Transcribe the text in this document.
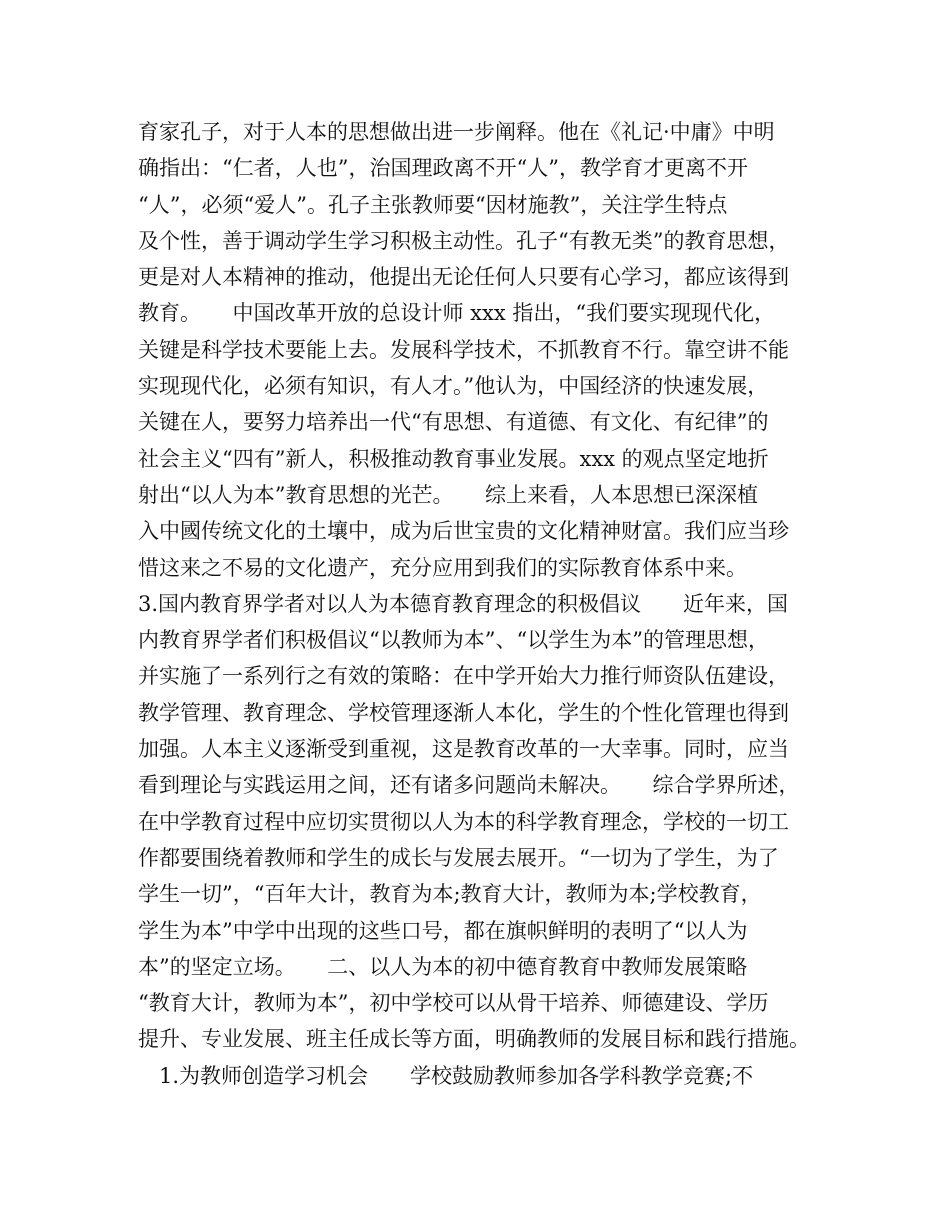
育家孔子，对于人本的思想做出进一步阐释。他在《礼记·中庸》中明
确指出：“仁者，人也”，治国理政离不开“人”，教学育才更离不开
“人”，必须“爱人”。孔子主张教师要“因材施教”，关注学生特点
及个性，善于调动学生学习积极主动性。孔子“有教无类”的教育思想，
更是对人本精神的推动，他提出无论任何人只要有心学习，都应该得到
教育。　　中国改革开放的总设计师 xxx 指出，“我们要实现现代化，
关键是科学技术要能上去。发展科学技术，不抓教育不行。靠空讲不能
实现现代化，必须有知识，有人才。”他认为，中国经济的快速发展，
关键在人，要努力培养出一代“有思想、有道德、有文化、有纪律”的
社会主义“四有”新人，积极推动教育事业发展。xxx 的观点坚定地折
射出“以人为本”教育思想的光芒。　　综上来看，人本思想已深深植
入中國传统文化的土壤中，成为后世宝贵的文化精神财富。我们应当珍
惜这来之不易的文化遗产，充分应用到我们的实际教育体系中来。
3.国内教育界学者对以人为本德育教育理念的积极倡议　　近年来，国
内教育界学者们积极倡议“以教师为本”、“以学生为本”的管理思想，
并实施了一系列行之有效的策略：在中学开始大力推行师资队伍建设，
教学管理、教育理念、学校管理逐渐人本化，学生的个性化管理也得到
加强。人本主义逐渐受到重视，这是教育改革的一大幸事。同时，应当
看到理论与实践运用之间，还有诸多问题尚未解决。　　综合学界所述，
在中学教育过程中应切实贯彻以人为本的科学教育理念，学校的一切工
作都要围绕着教师和学生的成长与发展去展开。“一切为了学生，为了
学生一切”，“百年大计，教育为本;教育大计，教师为本;学校教育，
学生为本”中学中出现的这些口号，都在旗帜鲜明的表明了“以人为
本”的坚定立场。　　二、以人为本的初中德育教育中教师发展策略
“教育大计，教师为本”，初中学校可以从骨干培养、师德建设、学历
提升、专业发展、班主任成长等方面，明确教师的发展目标和践行措施。
　1.为教师创造学习机会　　学校鼓励教师参加各学科教学竞赛;不
